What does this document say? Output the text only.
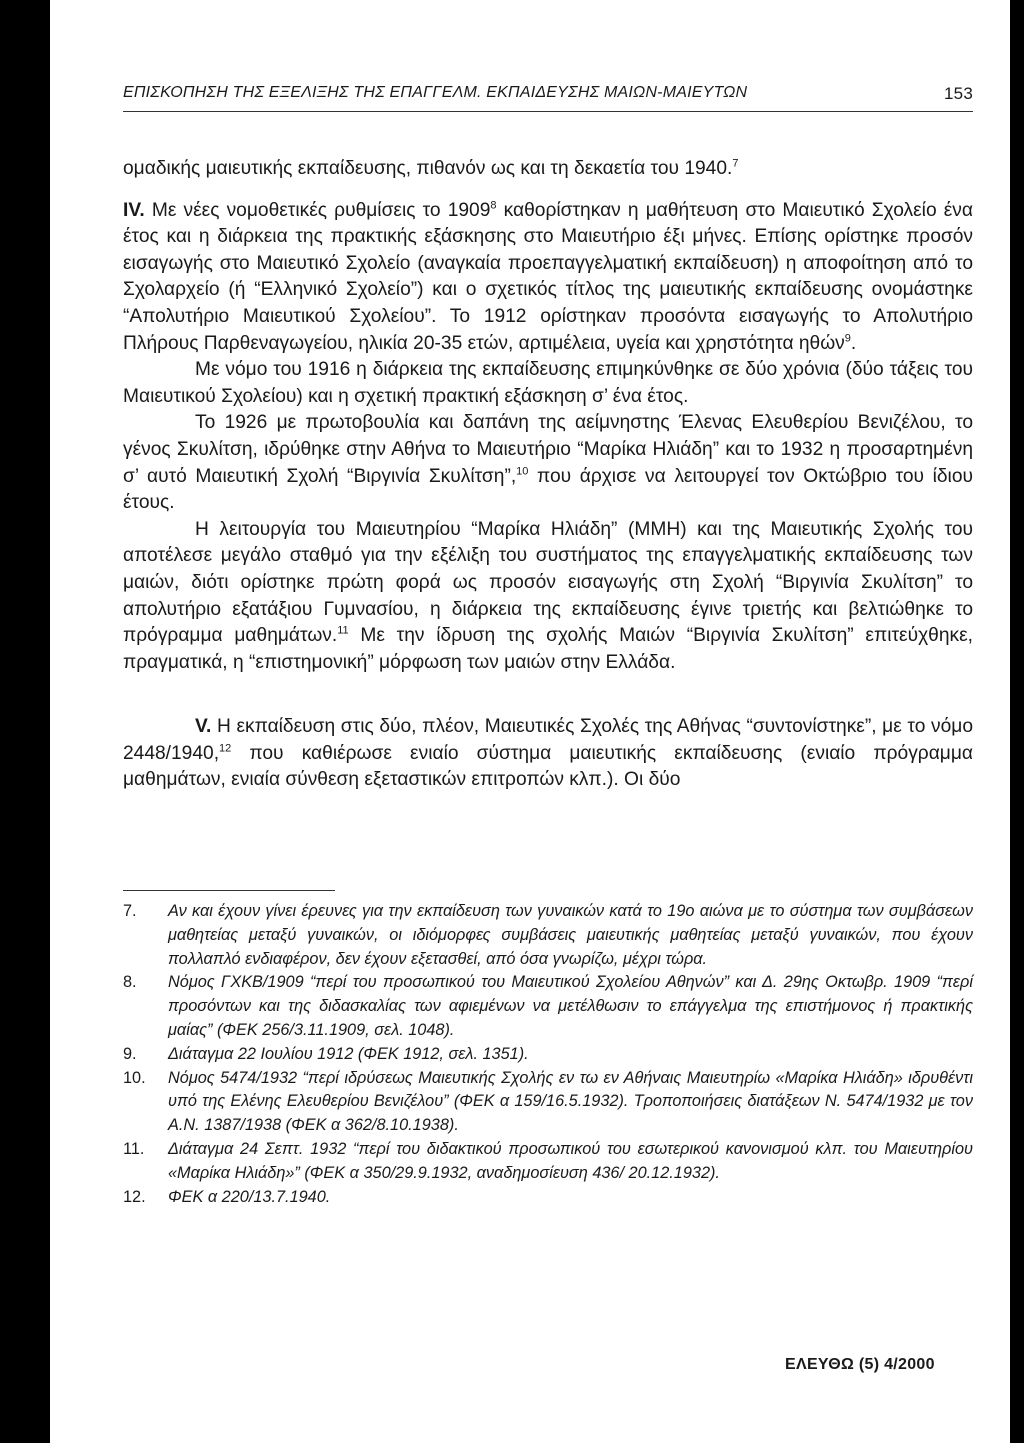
ΕΠΙΣΚΟΠΗΣΗ ΤΗΣ ΕΞΕΛΙΞΗΣ ΤΗΣ ΕΠΑΓΓΕΛΜ. ΕΚΠΑΙΔΕΥΣΗΣ ΜΑΙΩΝ-ΜΑΙΕΥΤΩΝ	153

ομαδικής μαιευτικής εκπαίδευσης, πιθανόν ως και τη δεκαετία του 1940.$^7$

IV. Με νέες νομοθετικές ρυθμίσεις το 1909$^8$ καθορίστηκαν η μαθήτευση στο Μαιευτικό Σχολείο ένα έτος και η διάρκεια της πρακτικής εξάσκησης στο Μαιευτήριο έξι μήνες. Επίσης ορίστηκε προσόν εισαγωγής στο Μαιευτικό Σχολείο (αναγκαία προεπαγγελματική εκπαίδευση) η αποφοίτηση από το Σχολαρχείο (ή “Ελληνικό Σχολείο”) και ο σχετικός τίτλος της μαιευτικής εκπαίδευσης ονομάστηκε “Απολυτήριο Μαιευτικού Σχολείου”. Το 1912 ορίστηκαν προσόντα εισαγωγής το Απολυτήριο Πλήρους Παρθεναγωγείου, ηλικία 20-35 ετών, αρτιμέλεια, υγεία και χρηστότητα ηθών$^9$.

Με νόμο του 1916 η διάρκεια της εκπαίδευσης επιμηκύνθηκε σε δύο χρόνια (δύο τάξεις του Μαιευτικού Σχολείου) και η σχετική πρακτική εξάσκηση σ’ ένα έτος.

Το 1926 με πρωτοβουλία και δαπάνη της αείμνηστης Έλενας Ελευθερίου Βενιζέλου, το γένος Σκυλίτση, ιδρύθηκε στην Αθήνα το Μαιευτήριο “Μαρίκα Ηλιάδη” και το 1932 η προσαρτημένη σ’ αυτό Μαιευτική Σχολή “Βιργινία Σκυλίτση”,$^{10}$ που άρχισε να λειτουργεί τον Οκτώβριο του ίδιου έτους.

Η λειτουργία του Μαιευτηρίου “Μαρίκα Ηλιάδη” (ΜΜΗ) και της Μαιευτικής Σχολής του αποτέλεσε μεγάλο σταθμό για την εξέλιξη του συστήματος της επαγγελματικής εκπαίδευσης των μαιών, διότι ορίστηκε πρώτη φορά ως προσόν εισαγωγής στη Σχολή “Βιργινία Σκυλίτση” το απολυτήριο εξατάξιου Γυμνασίου, η διάρκεια της εκπαίδευσης έγινε τριετής και βελτιώθηκε το πρόγραμμα μαθημάτων.$^{11}$ Με την ίδρυση της σχολής Μαιών “Βιργινία Σκυλίτση” επιτεύχθηκε, πραγματικά, η “επιστημονική” μόρφωση των μαιών στην Ελλάδα.

V. Η εκπαίδευση στις δύο, πλέον, Μαιευτικές Σχολές της Αθήνας “συντονίστηκε”, με το νόμο 2448/1940,12 που καθιέρωσε ενιαίο σύστημα μαιευτικής εκπαίδευσης (ενιαίο πρόγραμμα μαθημάτων, ενιαία σύνθεση εξεταστικών επιτροπών κλπ.). Οι δύο

7.	Αν και έχουν γίνει έρευνες για την εκπαίδευση των γυναικών κατά το 19ο αιώνα με το σύστημα των συμβάσεων μαθητείας μεταξύ γυναικών, οι ιδιόμορφες συμβάσεις μαιευτικής μαθητείας μεταξύ γυναικών, που έχουν πολλαπλό ενδιαφέρον, δεν έχουν εξετασθεί, από όσα γνωρίζω, μέχρι τώρα.

8.	Νόμος ΓΧΚΒ/1909 “περί του προσωπικού του Μαιευτικού Σχολείου Αθηνών” και Δ. 29ης Οκτωβρ. 1909 “περί προσόντων και της διδασκαλίας των αφιεμένων να μετέλθωσιν το επάγγελμα της επιστήμονος ή πρακτικής μαίας” (ΦΕΚ 256/3.11.1909, σελ. 1048).

9.	Διάταγμα 22 Ιουλίου 1912 (ΦΕΚ 1912, σελ. 1351).

10.	Νόμος 5474/1932 “περί ιδρύσεως Μαιευτικής Σχολής εν τω εν Αθήναις Μαιευτηρίω «Μαρίκα Ηλιάδη» ιδρυθέντι υπό της Ελένης Ελευθερίου Βενιζέλου” (ΦΕΚ α 159/16.5.1932). Τροποποιήσεις διατάξεων Ν. 5474/1932 με τον Α.Ν. 1387/1938 (ΦΕΚ α 362/8.10.1938).

11.	Διάταγμα 24 Σεπτ. 1932 “περί του διδακτικού προσωπικού του εσωτερικού κανονισμού κλπ. του Μαιευτηρίου «Μαρίκα Ηλιάδη»” (ΦΕΚ α 350/29.9.1932, αναδημοσίευση 436/ 20.12.1932).

12.	ΦΕΚ α 220/13.7.1940.

ΕΛΕΥΘΩ (5) 4/2000
